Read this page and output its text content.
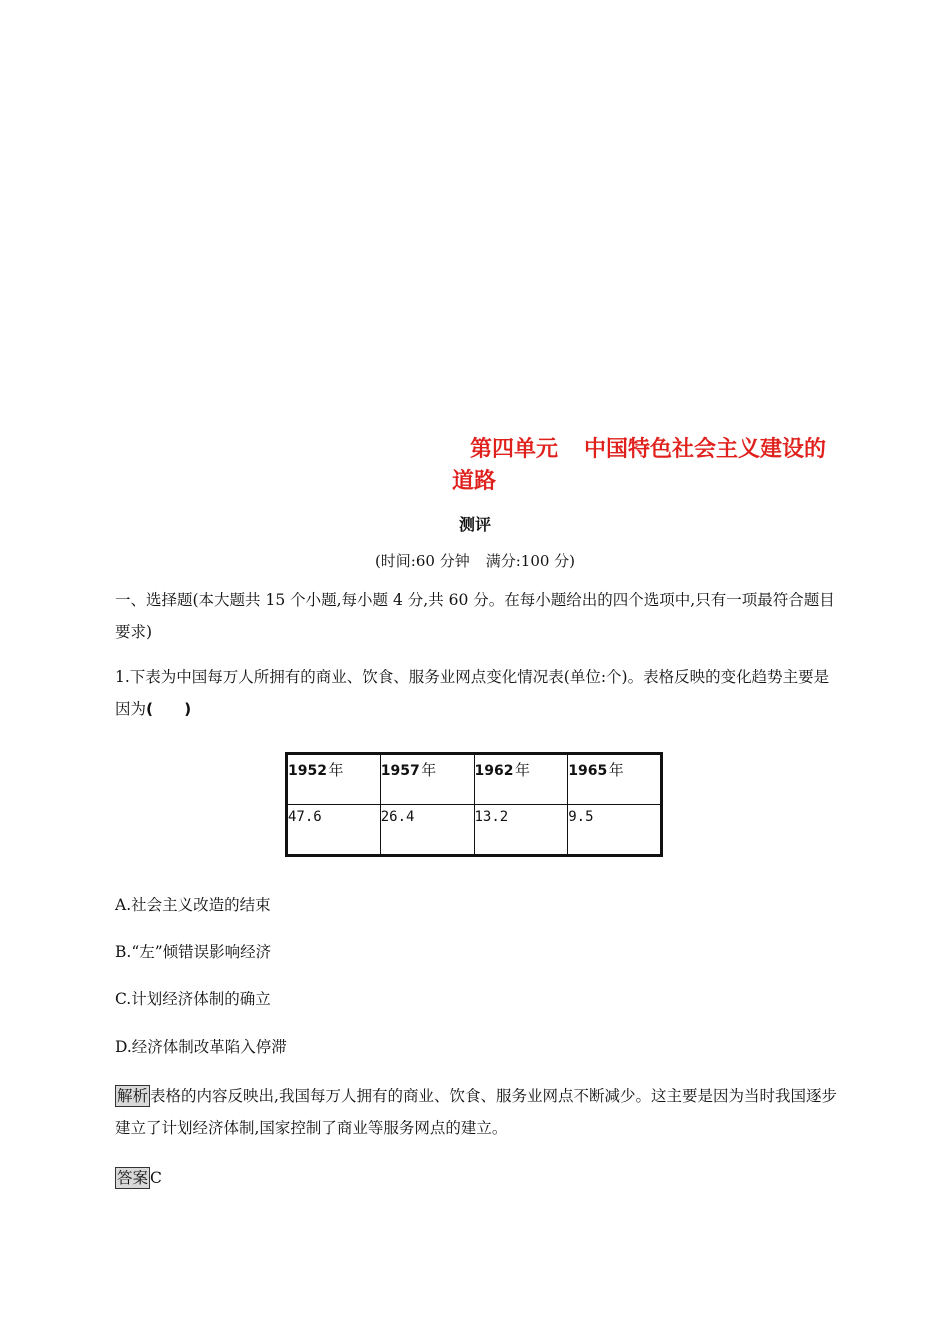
第四单元 中国特色社会主义建设的
道路
测评
(时间:60 分钟 满分:100 分)
一、选择题(本大题共 15 个小题,每小题 4 分,共 60 分。在每小题给出的四个选项中,只有一项最符合题目要求)
1.下表为中国每万人所拥有的商业、饮食、服务业网点变化情况表(单位:个)。表格反映的变化趋势主要是因为(　　)
1952  年	1957  年	1962  年	1965  年
47.6	26.4	13.2	9.5
A.社会主义改造的结束
B.“左”倾错误影响经济
C.计划经济体制的确立
D.经济体制改革陷入停滞
解析 表格的内容反映出,我国每万人拥有的商业、饮食、服务业网点不断减少。这主要是因为当时我国逐步建立了计划经济体制,国家控制了商业等服务网点的建立。
答案 C
